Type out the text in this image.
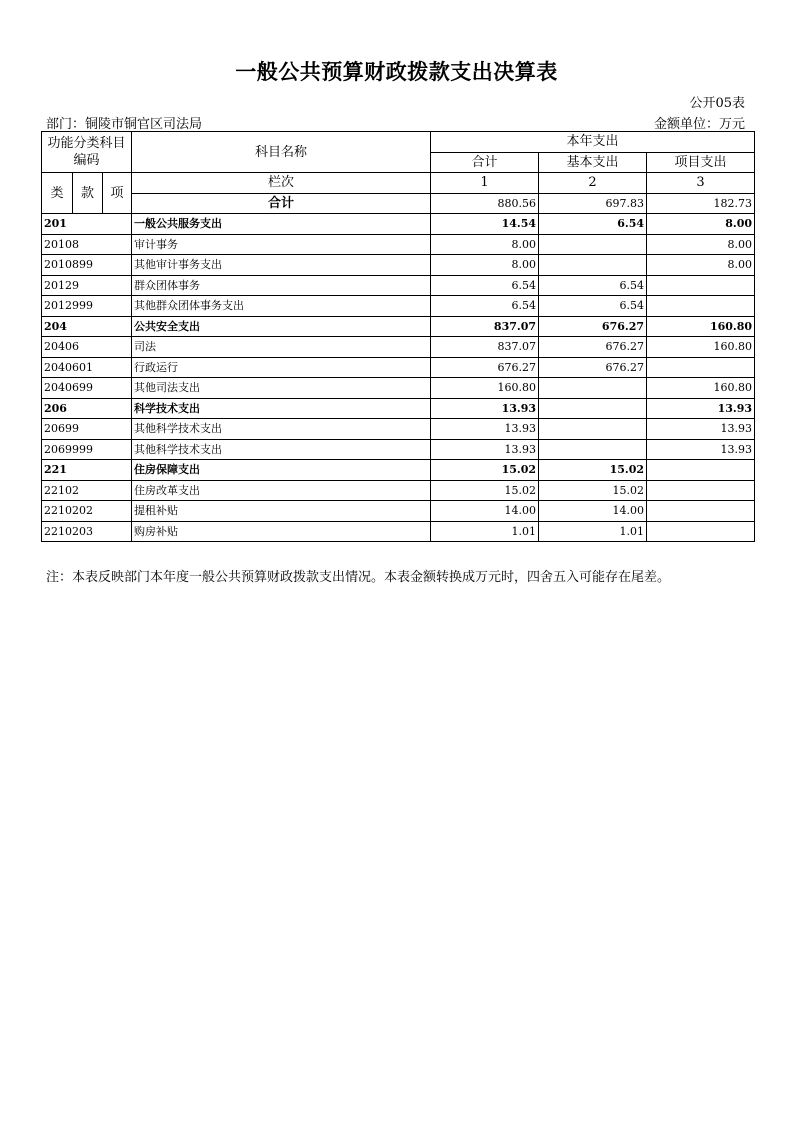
一般公共预算财政拨款支出决算表
公开05表
部门：铜陵市铜官区司法局	金额单位：万元
功能分类科目编码			科目名称	本年支出		
				合计	基本支出	项目支出
类	款	项	栏次	1	2	3
			合计	880.56	697.83	182.73
201			一般公共服务支出	14.54	6.54	8.00
20108			审计事务	8.00		8.00
2010899			其他审计事务支出	8.00		8.00
20129			群众团体事务	6.54	6.54	
2012999			其他群众团体事务支出	6.54	6.54	
204			公共安全支出	837.07	676.27	160.80
20406			司法	837.07	676.27	160.80
2040601			行政运行	676.27	676.27	
2040699			其他司法支出	160.80		160.80
206			科学技术支出	13.93		13.93
20699			其他科学技术支出	13.93		13.93
2069999			其他科学技术支出	13.93		13.93
221			住房保障支出	15.02	15.02	
22102			住房改革支出	15.02	15.02	
2210202			提租补贴	14.00	14.00	
2210203			购房补贴	1.01	1.01	
注：本表反映部门本年度一般公共预算财政拨款支出情况。本表金额转换成万元时，四舍五入可能存在尾差。
